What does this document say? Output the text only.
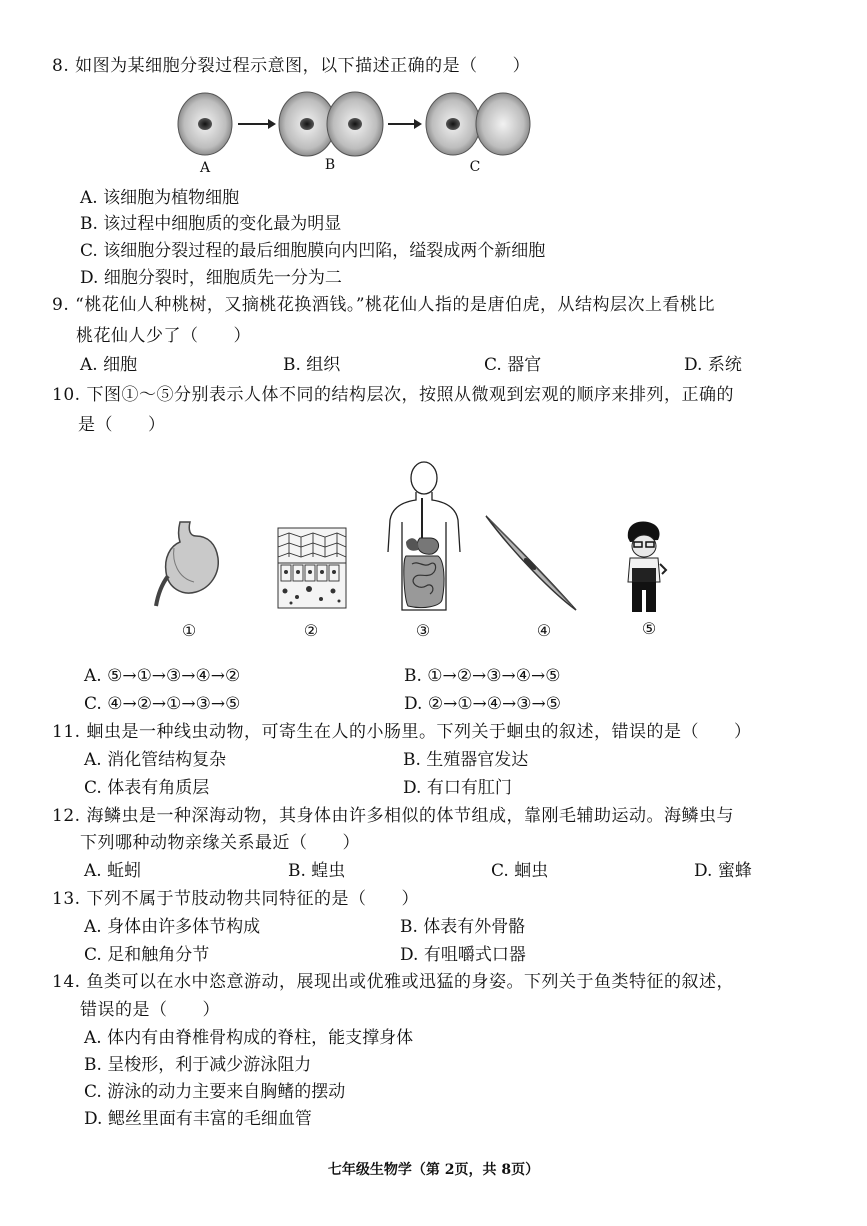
8. 如图为某细胞分裂过程示意图，以下描述正确的是（　　）
A	B	C
A. 该细胞为植物细胞
B. 该过程中细胞质的变化最为明显
C. 该细胞分裂过程的最后细胞膜向内凹陷，缢裂成两个新细胞
D. 细胞分裂时，细胞质先一分为二
9. “桃花仙人种桃树，又摘桃花换酒钱。”桃花仙人指的是唐伯虎，从结构层次上看桃比
桃花仙人少了（　　）
A. 细胞	B. 组织	C. 器官	D. 系统
10. 下图①～⑤分别表示人体不同的结构层次，按照从微观到宏观的顺序来排列，正确的
是（　　）
①	②	③	④	⑤
A. ⑤→①→③→④→②	B. ①→②→③→④→⑤
C. ④→②→①→③→⑤	D. ②→①→④→③→⑤
11. 蛔虫是一种线虫动物，可寄生在人的小肠里。下列关于蛔虫的叙述，错误的是（　　）
A. 消化管结构复杂	B. 生殖器官发达
C. 体表有角质层	D. 有口有肛门
12. 海鳞虫是一种深海动物，其身体由许多相似的体节组成，靠刚毛辅助运动。海鳞虫与
下列哪种动物亲缘关系最近（　　）
A. 蚯蚓	B. 蝗虫	C. 蛔虫	D. 蜜蜂
13. 下列不属于节肢动物共同特征的是（　　）
A. 身体由许多体节构成	B. 体表有外骨骼
C. 足和触角分节	D. 有咀嚼式口器
14. 鱼类可以在水中恣意游动，展现出或优雅或迅猛的身姿。下列关于鱼类特征的叙述，
错误的是（　　）
A. 体内有由脊椎骨构成的脊柱，能支撑身体
B. 呈梭形，利于减少游泳阻力
C. 游泳的动力主要来自胸鳍的摆动
D. 鳃丝里面有丰富的毛细血管
七年级生物学（第 2页，共 8页）
